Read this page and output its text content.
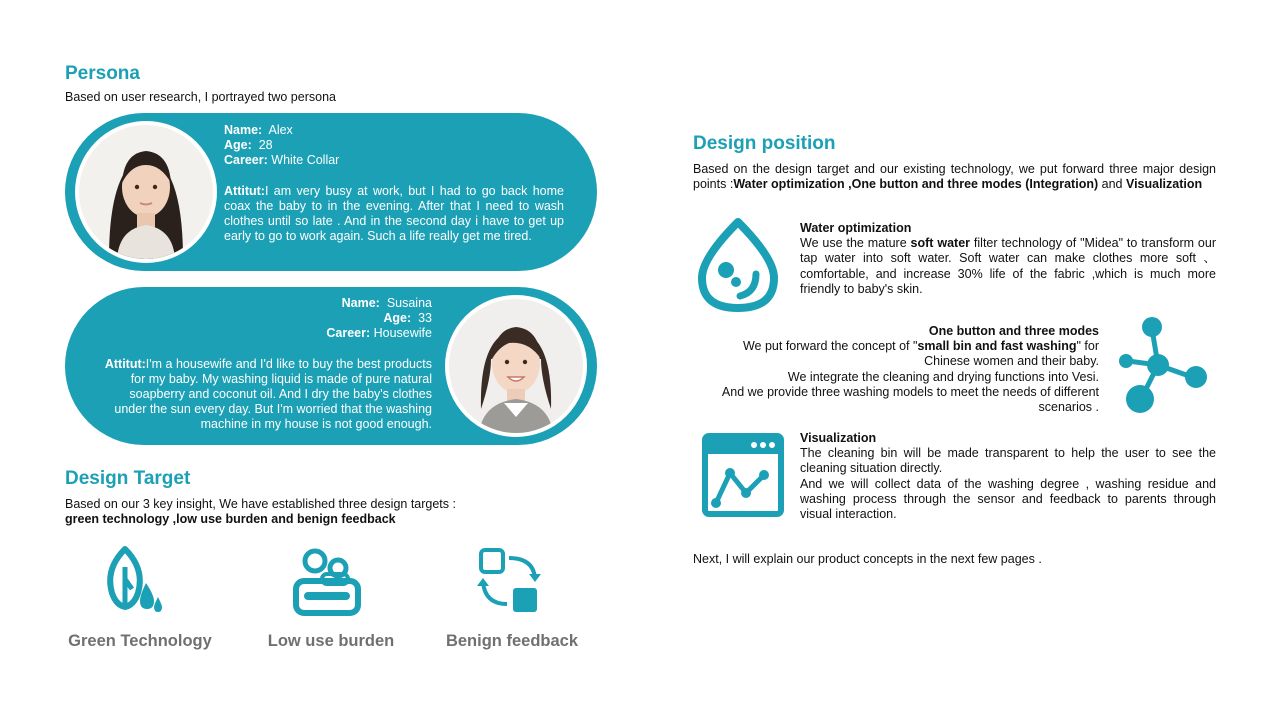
Persona
Based on user research, I portrayed two persona
Name: Alex
Age: 28
Career: White Collar
Attitut:I am very busy at work, but I had to go back home coax the baby to in the evening. After that I need to wash clothes until so late . And in the second day i have to get up early to go to work again. Such a life really get me tired.
Name: Susaina
Age: 33
Career: Housewife
Attitut:I'm a housewife and I'd like to buy the best products for my baby. My washing liquid is made of pure natural soapberry and coconut oil. And I dry the baby's clothes under the sun every day. But I'm worried that the washing machine in my house is not good enough.
Design Target
Based on our 3 key insight, We have established three design targets :
green technology ,low use burden and benign feedback
Green Technology	Low use burden	Benign feedback
Design position
Based on the design target and our existing technology, we put forward three major design points :Water optimization ,One button and three modes (Integration) and Visualization
Water optimization
We use the mature soft water filter technology of "Midea" to transform our tap water into soft water. Soft water can make clothes more soft 、comfortable, and increase 30% life of the fabric ,which is much more friendly to baby's skin.
One button and three modes
We put forward the concept of "small bin and fast washing" for
Chinese women and their baby.
We integrate the cleaning and drying functions into Vesi.
And we provide three washing models to meet the needs of different
scenarios .
Visualization
The cleaning bin will be made transparent to help the user to see the cleaning situation directly.
And we will collect data of the washing degree , washing residue and washing process through the sensor and feedback to parents through visual interaction.
Next, I will explain our product concepts in the next few pages .
